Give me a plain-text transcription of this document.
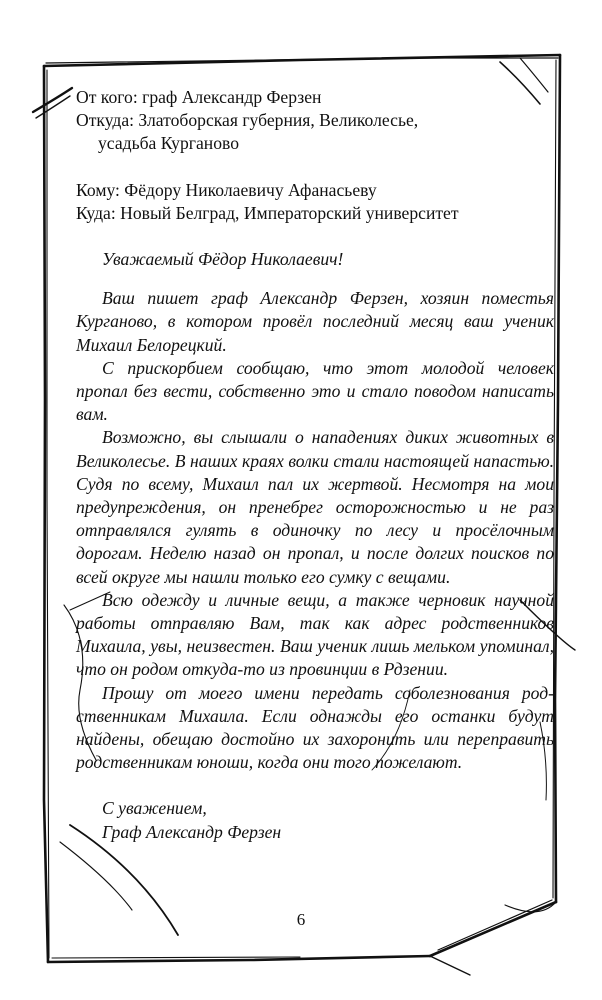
От кого: граф Александр Ферзен

Откуда: Златоборская губерния, Великолесье,

усадьба Курганово

Кому: Фёдору Николаевичу Афанасьеву

Куда: Новый Белград, Императорский университет

Уважаемый Фёдор Николаевич!

Ваш пишет граф Александр Ферзен, хозяин поместья Курганово, в котором провёл последний месяц ваш ученик Михаил Белорецкий.

С прискорбием сообщаю, что этот молодой человек пропал без вести, собственно это и стало поводом написать вам.

Возможно, вы слышали о нападениях диких животных в Великолесье. В наших краях волки стали настоящей напастью. Судя по всему, Михаил пал их жертвой. Несмотря на мои предупреждения, он пренебрег осторожностью и не раз отправлялся гулять в одиночку по лесу и просёлочным дорогам. Неделю назад он пропал, и после долгих поисков по всей округе мы нашли только его сумку с вещами.

Всю одежду и личные вещи, а также черновик научной работы отправляю Вам, так как адрес родственников Михаила, увы, неизвестен. Ваш ученик лишь мельком упоминал, что он родом откуда-то из провинции в Рдзении.

Прошу от моего имени передать соболезнования родственникам Михаила. Если однажды его останки будут найдены, обещаю достойно их захоронить или переправить родственникам юноши, когда они того пожелают.

С уважением,

Граф Александр Ферзен

6
